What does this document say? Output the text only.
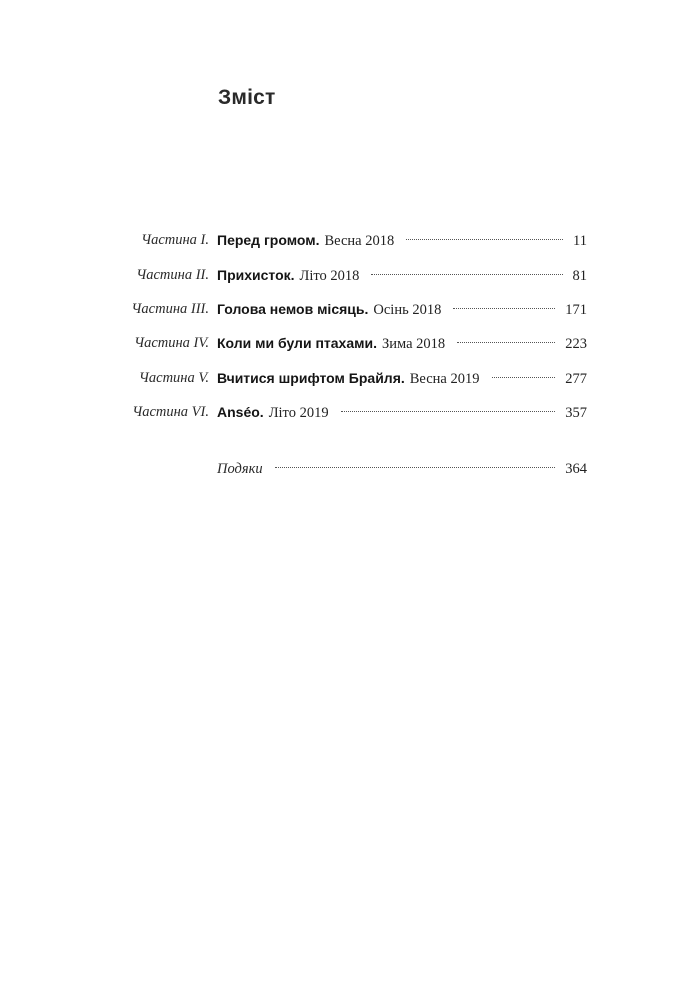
Зміст
Частина I. Перед громом. Весна 2018	11
Частина II. Прихисток. Літо 2018	81
Частина III. Голова немов місяць. Осінь 2018	171
Частина IV. Коли ми були птахами. Зима 2018	223
Частина V. Вчитися шрифтом Брайля. Весна 2019	277
Частина VI. Anséo. Літо 2019	357
Подяки	364
